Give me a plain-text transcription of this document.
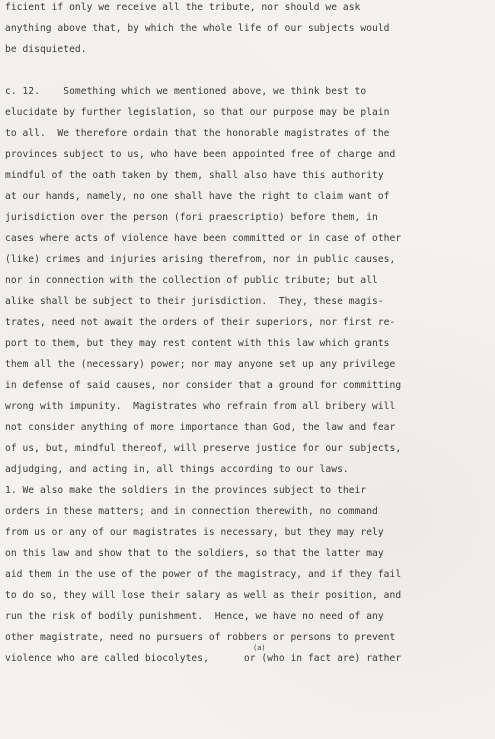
ficient if only we receive all the tribute, nor should we ask
anything above that, by which the whole life of our subjects would
be disquieted.
c. 12.    Something which we mentioned above, we think best to
elucidate by further legislation, so that our purpose may be plain
to all.  We therefore ordain that the honorable magistrates of the
provinces subject to us, who have been appointed free of charge and
mindful of the oath taken by them, shall also have this authority
at our hands, namely, no one shall have the right to claim want of
jurisdiction over the person (fori praescriptio) before them, in
cases where acts of violence have been committed or in case of other
(like) crimes and injuries arising therefrom, nor in public causes,
nor in connection with the collection of public tribute; but all
alike shall be subject to their jurisdiction.  They, these magis-
trates, need not await the orders of their superiors, nor first re-
port to them, but they may rest content with this law which grants
them all the (necessary) power; nor may anyone set up any privilege
in defense of said causes, nor consider that a ground for committing
wrong with impunity.  Magistrates who refrain from all bribery will
not consider anything of more importance than God, the law and fear
of us, but, mindful thereof, will preserve justice for our subjects,
adjudging, and acting in, all things according to our laws.
1. We also make the soldiers in the provinces subject to their
orders in these matters; and in connection therewith, no command
from us or any of our magistrates is necessary, but they may rely
on this law and show that to the soldiers, so that the latter may
aid them in the use of the power of the magistracy, and if they fail
to do so, they will lose their salary as well as their position, and
run the risk of bodily punishment.  Hence, we have no need of any
other magistrate, need no pursuers of robbers or persons to prevent
violence who are called biocolytes,      or (who in fact are) rather
(a)
